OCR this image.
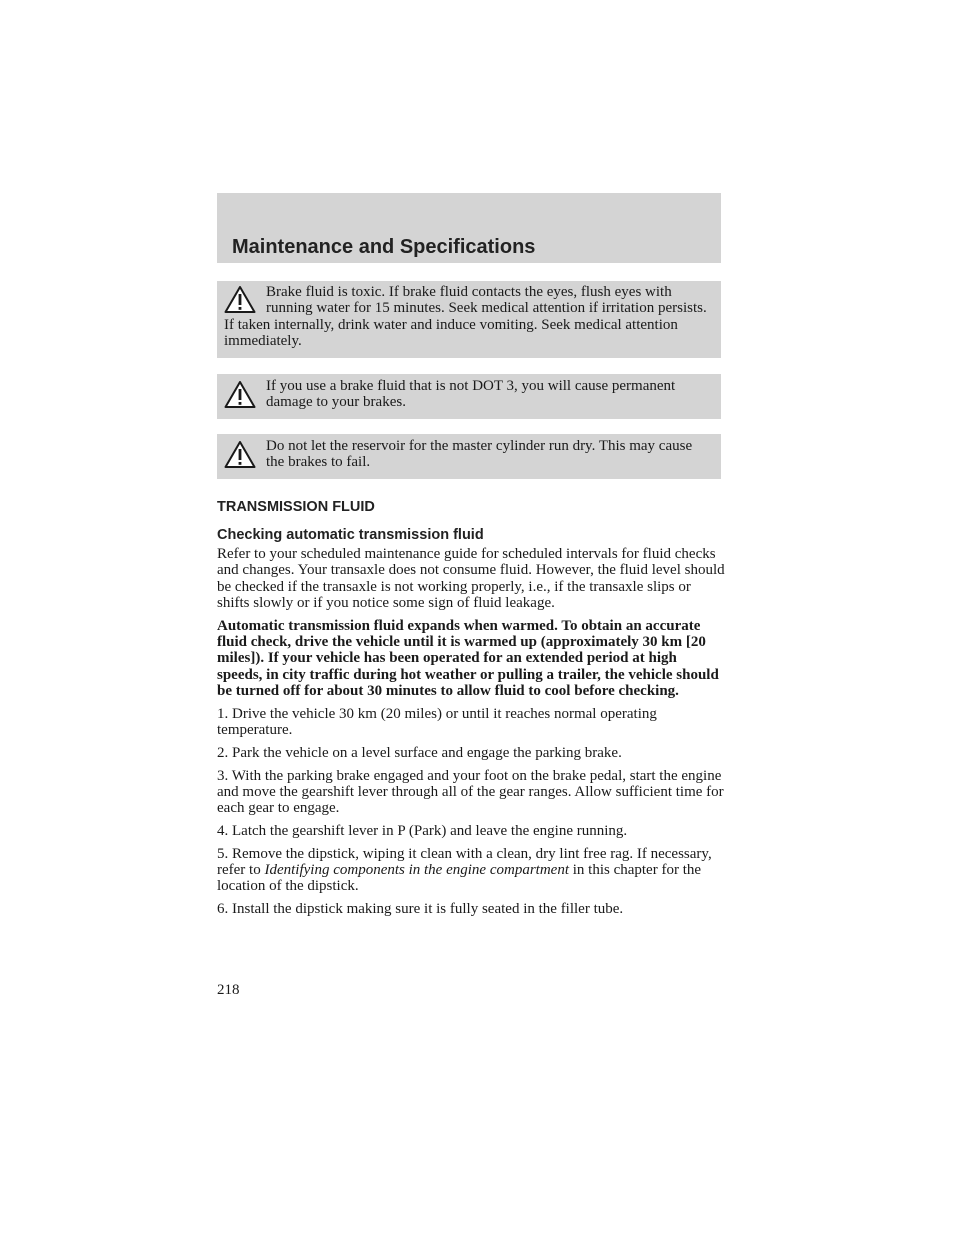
Maintenance and Specifications

Brake fluid is toxic. If brake fluid contacts the eyes, flush eyes with running water for 15 minutes. Seek medical attention if irritation persists. If taken internally, drink water and induce vomiting. Seek medical attention immediately.

If you use a brake fluid that is not DOT 3, you will cause permanent damage to your brakes.

Do not let the reservoir for the master cylinder run dry. This may cause the brakes to fail.

TRANSMISSION FLUID
Checking automatic transmission fluid

Refer to your scheduled maintenance guide for scheduled intervals for fluid checks and changes. Your transaxle does not consume fluid. However, the fluid level should be checked if the transaxle is not working properly, i.e., if the transaxle slips or shifts slowly or if you notice some sign of fluid leakage.

Automatic transmission fluid expands when warmed. To obtain an accurate fluid check, drive the vehicle until it is warmed up (approximately 30 km [20 miles]). If your vehicle has been operated for an extended period at high speeds, in city traffic during hot weather or pulling a trailer, the vehicle should be turned off for about 30 minutes to allow fluid to cool before checking.

1. Drive the vehicle 30 km (20 miles) or until it reaches normal operating temperature.

2. Park the vehicle on a level surface and engage the parking brake.

3. With the parking brake engaged and your foot on the brake pedal, start the engine and move the gearshift lever through all of the gear ranges. Allow sufficient time for each gear to engage.

4. Latch the gearshift lever in P (Park) and leave the engine running.

5. Remove the dipstick, wiping it clean with a clean, dry lint free rag. If necessary, refer to Identifying components in the engine compartment in this chapter for the location of the dipstick.

6. Install the dipstick making sure it is fully seated in the filler tube.

218
